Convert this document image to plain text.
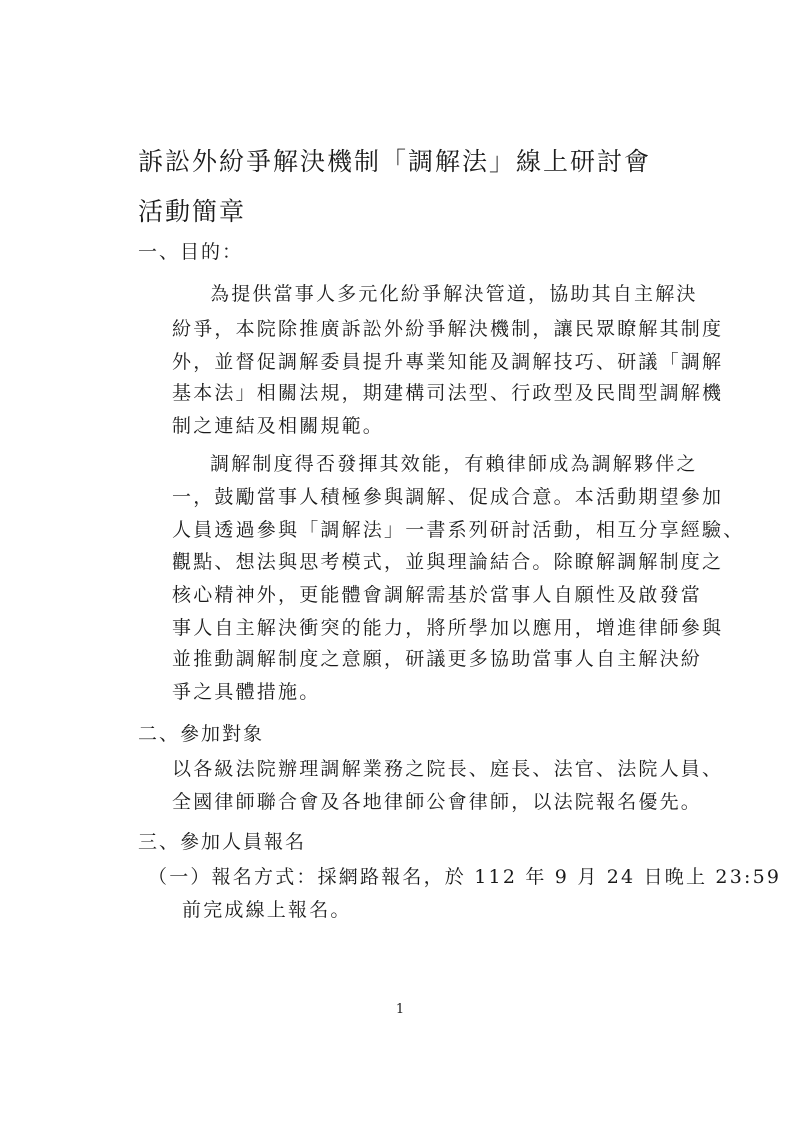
訴訟外紛爭解決機制「調解法」線上研討會
活動簡章
一、目的：
為提供當事人多元化紛爭解決管道，協助其自主解決
紛爭，本院除推廣訴訟外紛爭解決機制，讓民眾瞭解其制度
外，並督促調解委員提升專業知能及調解技巧、研議「調解
基本法」相關法規，期建構司法型、行政型及民間型調解機
制之連結及相關規範。
調解制度得否發揮其效能，有賴律師成為調解夥伴之
一，鼓勵當事人積極參與調解、促成合意。本活動期望參加
人員透過參與「調解法」一書系列研討活動，相互分享經驗、
觀點、想法與思考模式，並與理論結合。除瞭解調解制度之
核心精神外，更能體會調解需基於當事人自願性及啟發當
事人自主解決衝突的能力，將所學加以應用，增進律師參與
並推動調解制度之意願，研議更多協助當事人自主解決紛
爭之具體措施。
二、參加對象
以各級法院辦理調解業務之院長、庭長、法官、法院人員、
全國律師聯合會及各地律師公會律師，以法院報名優先。
三、參加人員報名
（一）報名方式：採網路報名，於 112 年 9 月 24 日晚上 23:59
前完成線上報名。
1
